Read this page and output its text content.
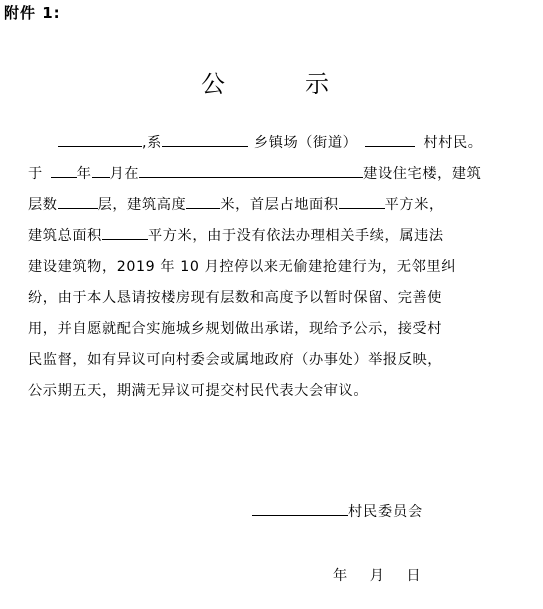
附件 1:
公	示
,系	乡镇场（街道）	村村民。
于 年 月在	建设住宅楼，建筑
层数	层，建筑高度 米，首层占地面积	平方米，
建筑总面积	平方米，由于没有依法办理相关手续，属违法
建设建筑物，2019 年 10 月控停以来无偷建抢建行为，无邻里纠
纷，由于本人恳请按楼房现有层数和高度予以暂时保留、完善使
用，并自愿就配合实施城乡规划做出承诺，现给予公示，接受村
民监督，如有异议可向村委会或属地政府（办事处）举报反映，
公示期五天，期满无异议可提交村民代表大会审议。
村民委员会
年 月 日
